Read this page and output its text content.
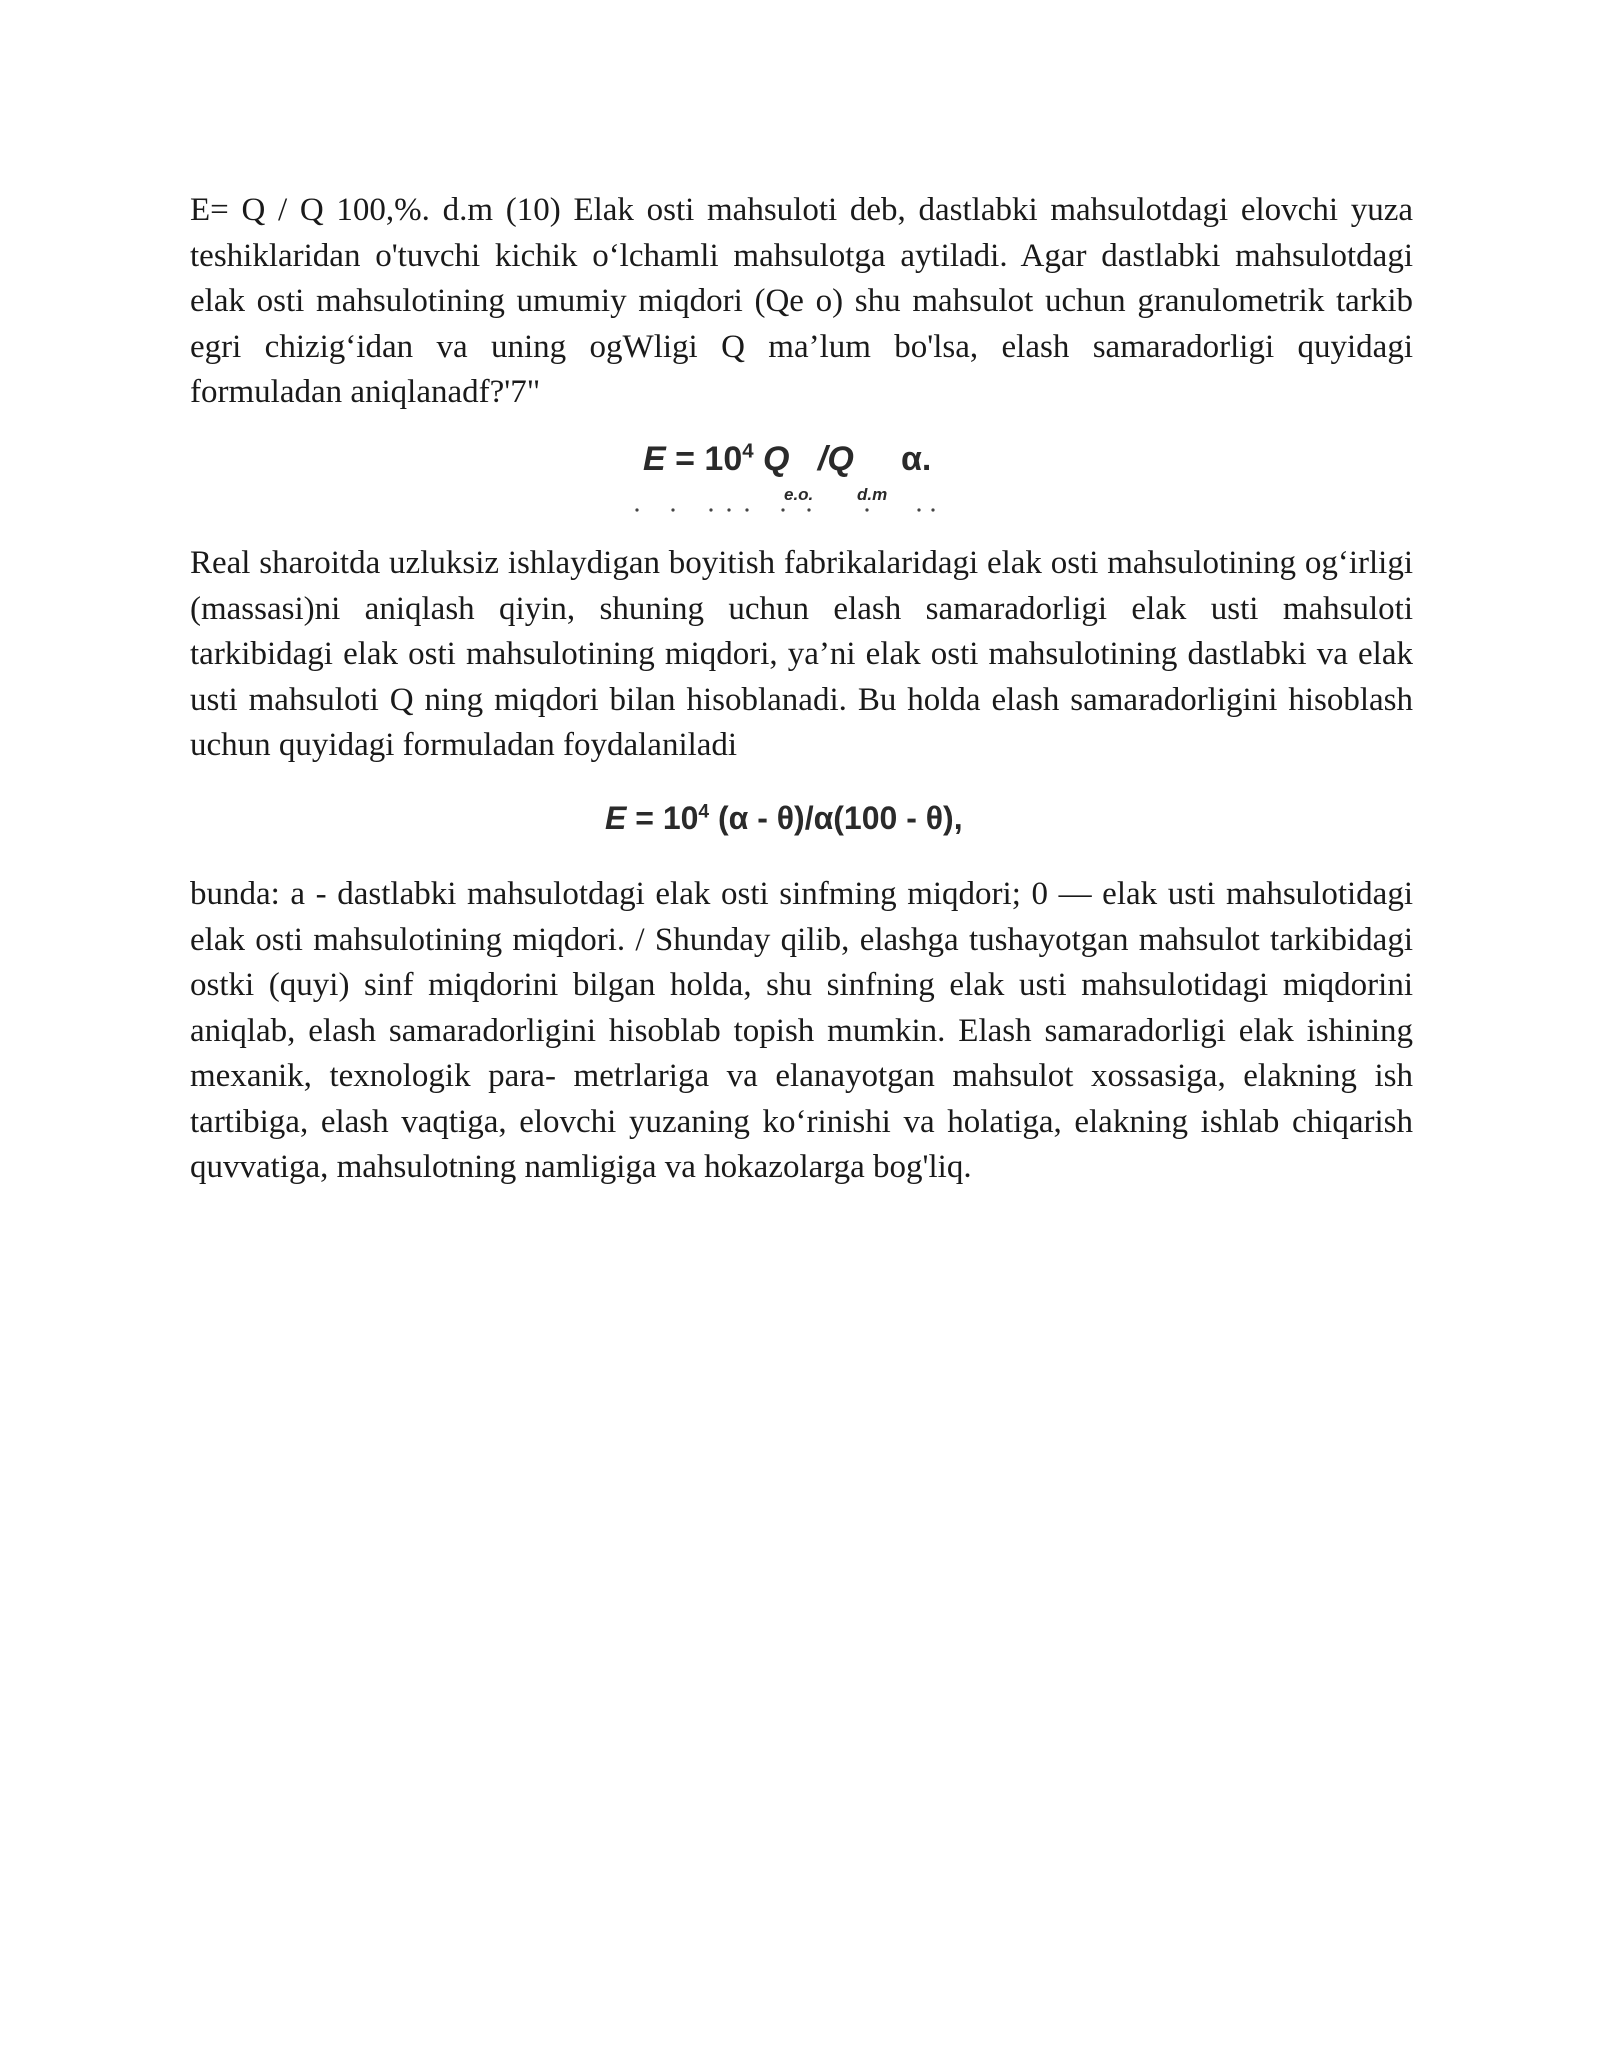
E= Q / Q 100,%. d.m (10) Elak osti mahsuloti deb, dastlabki mahsulotdagi elovchi yuza teshiklaridan o'tuvchi kichik o‘lchamli mahsulotga aytiladi. Agar dastlabki mahsulotdagi elak osti mahsulotining umumiy miqdori (Qe o) shu mahsulot uchun granulometrik tarkib egri chizig‘idan va uning ogWligi Q ma’lum bo'lsa, elash samaradorligi quyidagi formuladan aniqlanadf?'7"

$E = 10^4$ Q   /Q     α.
e.o.	d.m

Real sharoitda uzluksiz ishlaydigan boyitish fabrikalaridagi elak osti mahsulotining og‘irligi (massasi)ni aniqlash qiyin, shuning uchun elash samaradorligi elak usti mahsuloti tarkibidagi elak osti mahsulotining miqdori, ya’ni elak osti mahsulotining dastlabki va elak usti mahsuloti Q ning miqdori bilan hisoblanadi. Bu holda elash samaradorligini hisoblash uchun quyidagi formuladan foydalaniladi

$E = 10^4$ (α - θ)/α(100 - θ),

bunda: a - dastlabki mahsulotdagi elak osti sinfming miqdori; 0 — elak usti mahsulotidagi elak osti mahsulotining miqdori. / Shunday qilib, elashga tushayotgan mahsulot tarkibidagi ostki (quyi) sinf miqdorini bilgan holda, shu sinfning elak usti mahsulotidagi miqdorini aniqlab, elash samaradorligini hisoblab topish mumkin. Elash samaradorligi elak ishining mexanik, texnologik para- metrlariga va elanayotgan mahsulot xossasiga, elakning ish tartibiga, elash vaqtiga, elovchi yuzaning ko‘rinishi va holatiga, elakning ishlab chiqarish quvvatiga, mahsulotning namligiga va hokazolarga bog'liq.
